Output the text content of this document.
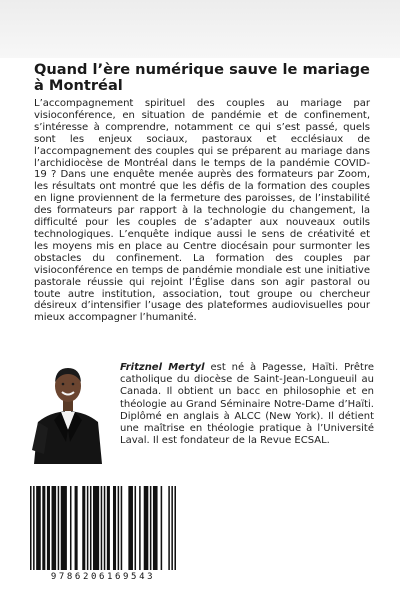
Quand l’ère numérique sauve le mariage à Montréal

L’accompagnement spirituel des couples au mariage par visioconférence, en situation de pandémie et de confinement, s’intéresse à comprendre, notamment ce qui s’est passé, quels sont les enjeux sociaux, pastoraux et ecclésiaux de l’accompagnement des couples qui se préparent au mariage dans l’archidiocèse de Montréal dans le temps de la pandémie COVID-19 ? Dans une enquête menée auprès des formateurs par Zoom, les résultats ont montré que les défis de la formation des couples en ligne proviennent de la fermeture des paroisses, de l’instabilité des formateurs par rapport à la technologie du changement, la difficulté pour les couples de s’adapter aux nouveaux outils technologiques. L’enquête indique aussi le sens de créativité et les moyens mis en place au Centre diocésain pour surmonter les obstacles du confinement. La formation des couples par visioconférence en temps de pandémie mondiale est une initiative pastorale réussie qui rejoint l’Église dans son agir pastoral ou toute autre institution, association, tout groupe ou chercheur désireux d’intensifier l’usage des plateformes audiovisuelles pour mieux accompagner l’humanité.

Fritznel Mertyl est né à Pagesse, Haïti. Prêtre catholique du diocèse de Saint-Jean-Longueuil au Canada. Il obtient un bacc en philosophie et en théologie au Grand Séminaire Notre-Dame d’Haïti. Diplômé en anglais à ALCC (New York). Il détient une maîtrise en théologie pratique à l’Université Laval. Il est fondateur de la Revue ECSAL.

9786206169543
